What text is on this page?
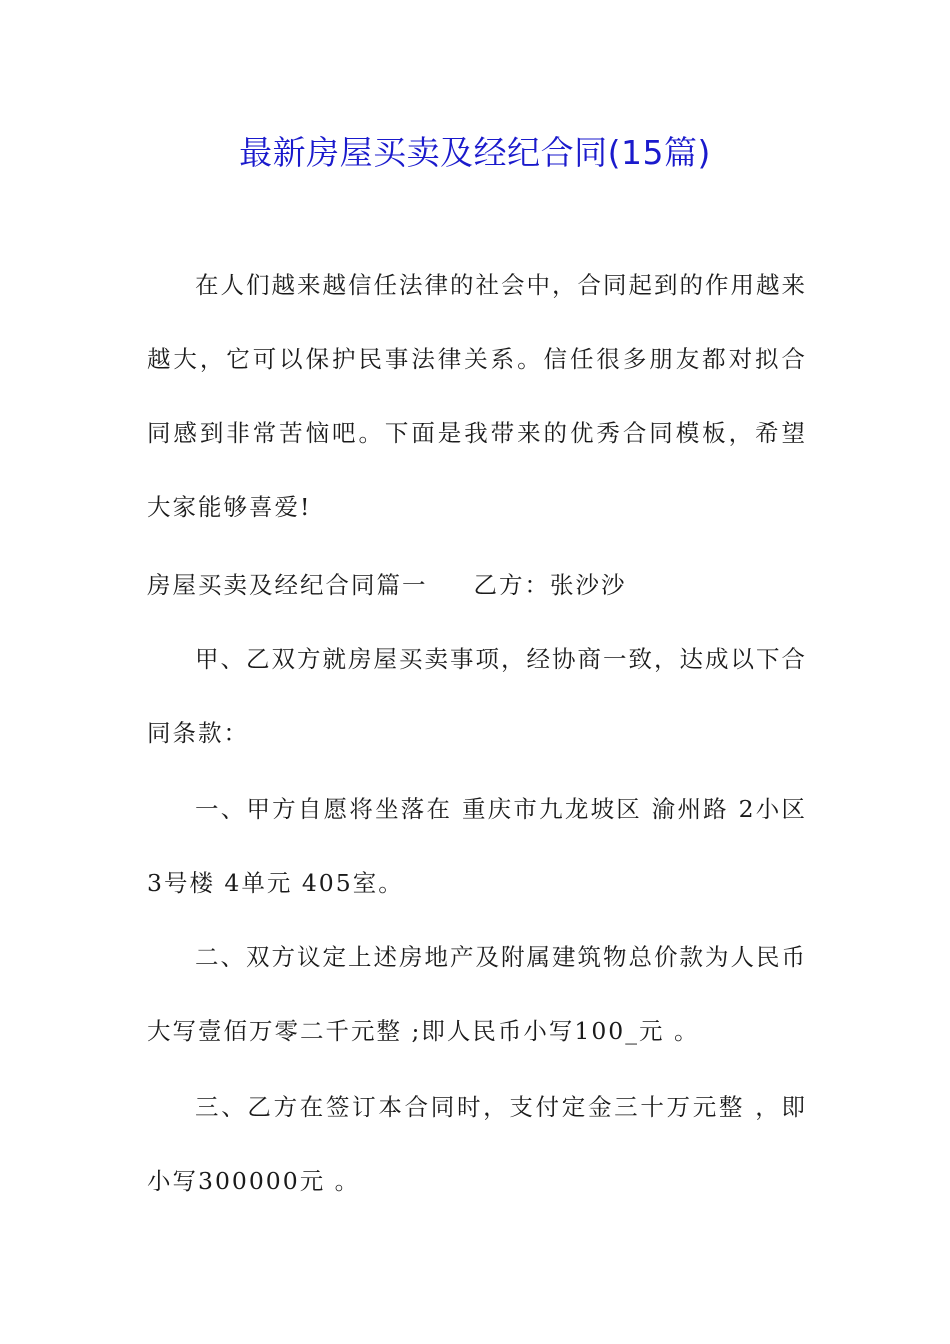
最新房屋买卖及经纪合同(15篇)

在人们越来越信任法律的社会中，合同起到的作用越来越大，它可以保护民事法律关系。信任很多朋友都对拟合同感到非常苦恼吧。下面是我带来的优秀合同模板，希望大家能够喜爱!

房屋买卖及经纪合同篇一 乙方：张沙沙

甲、乙双方就房屋买卖事项，经协商一致，达成以下合同条款：

一、甲方自愿将坐落在 重庆市九龙坡区 渝州路 2小区3号楼 4单元 405室。

二、双方议定上述房地产及附属建筑物总价款为人民币大写壹佰万零二千元整 ;即人民币小写100_元 。

三、乙方在签订本合同时，支付定金三十万元整 ，即小写300000元 。
